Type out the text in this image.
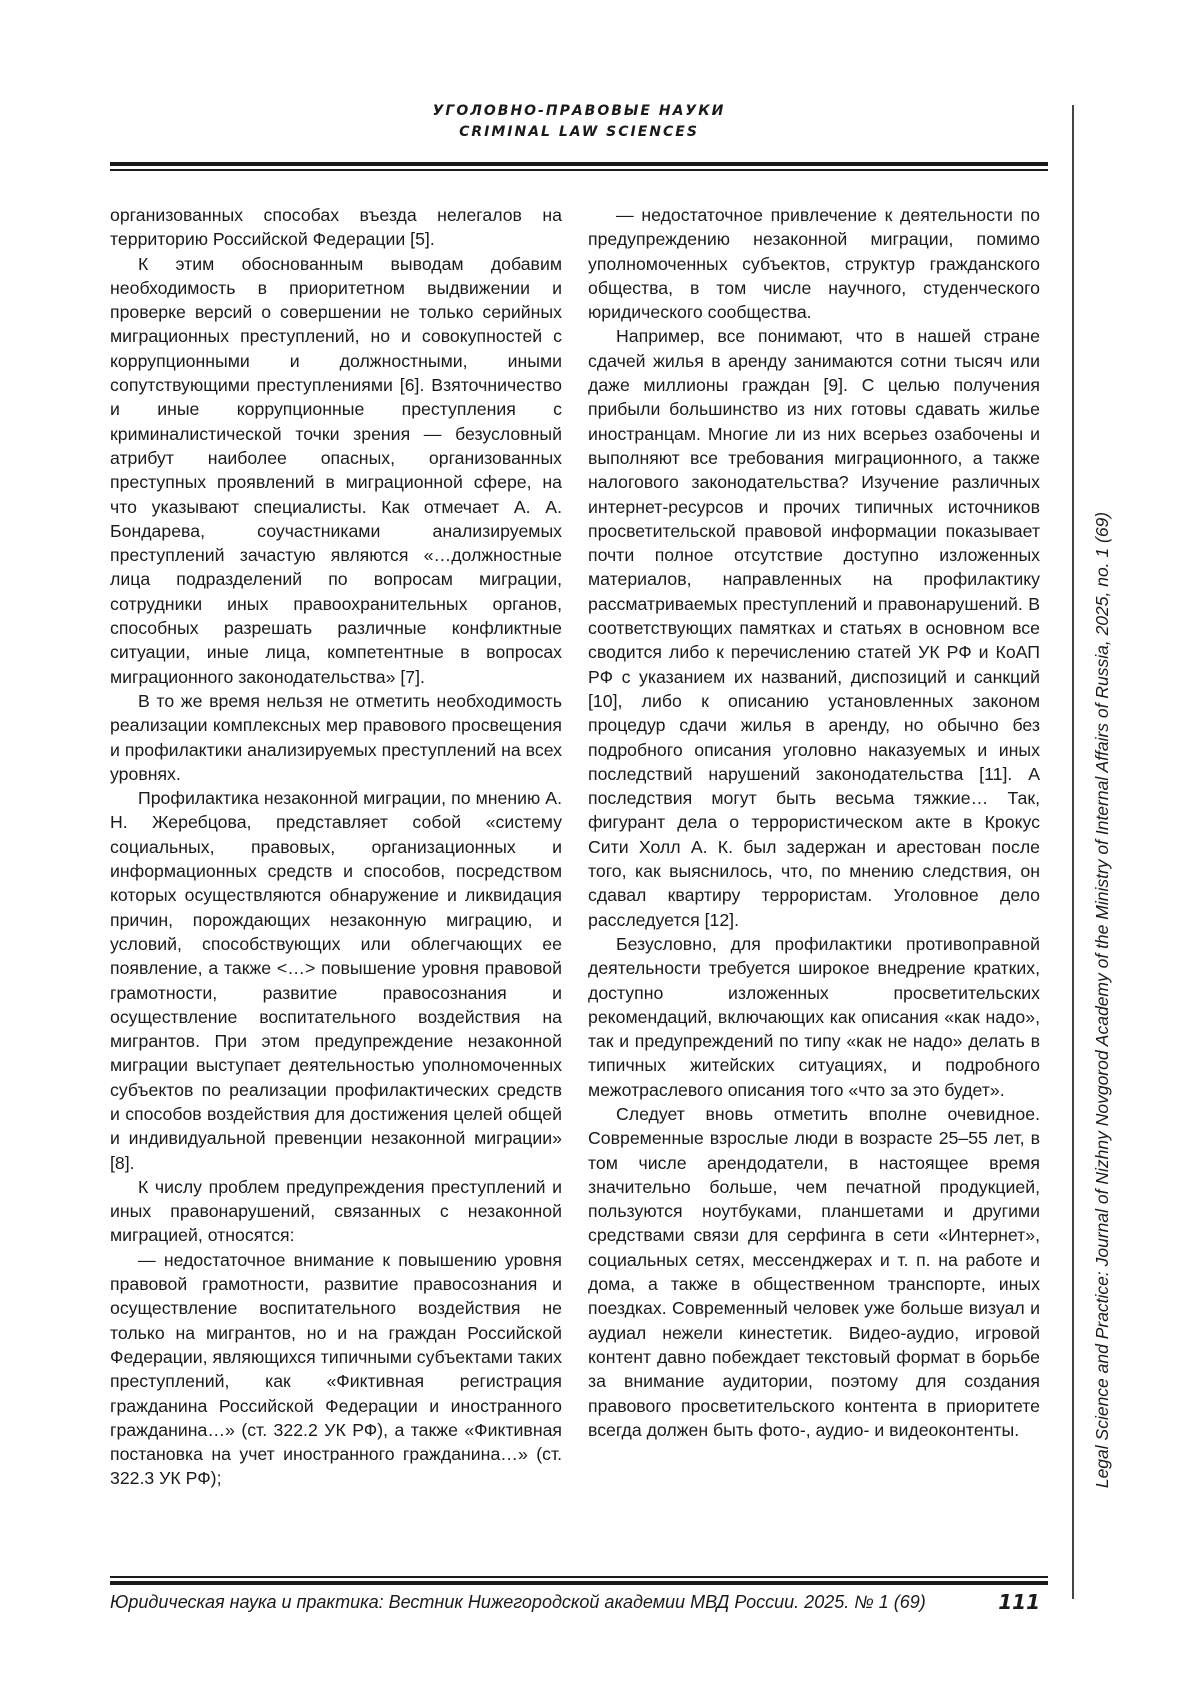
УГОЛОВНО-ПРАВОВЫЕ НАУКИ
CRIMINAL LAW SCIENCES
Legal Science and Practice: Journal of Nizhny Novgorod Academy of the Ministry of Internal Affairs of Russia, 2025, no. 1 (69)

организованных способах въезда нелегалов на территорию Российской Федерации [5].

К этим обоснованным выводам добавим необходимость в приоритетном выдвижении и проверке версий о совершении не только серийных миграционных преступлений, но и совокупностей с коррупционными и должностными, иными сопутствующими преступлениями [6]. Взяточничество и иные коррупционные преступления с криминалистической точки зрения — безусловный атрибут наиболее опасных, организованных преступных проявлений в миграционной сфере, на что указывают специалисты. Как отмечает А. А. Бондарева, соучастниками анализируемых преступлений зачастую являются «…должностные лица подразделений по вопросам миграции, сотрудники иных правоохранительных органов, способных разрешать различные конфликтные ситуации, иные лица, компетентные в вопросах миграционного законодательства» [7].

В то же время нельзя не отметить необходимость реализации комплексных мер правового просвещения и профилактики анализируемых преступлений на всех уровнях.

Профилактика незаконной миграции, по мнению А. Н. Жеребцова, представляет собой «систему социальных, правовых, организационных и информационных средств и способов, посредством которых осуществляются обнаружение и ликвидация причин, порождающих незаконную миграцию, и условий, способствующих или облегчающих ее появление, а также <…> повышение уровня правовой грамотности, развитие правосознания и осуществление воспитательного воздействия на мигрантов. При этом предупреждение незаконной миграции выступает деятельностью уполномоченных субъектов по реализации профилактических средств и способов воздействия для достижения целей общей и индивидуальной превенции незаконной миграции» [8].

К числу проблем предупреждения преступлений и иных правонарушений, связанных с незаконной миграцией, относятся:

— недостаточное внимание к повышению уровня правовой грамотности, развитие правосознания и осуществление воспитательного воздействия не только на мигрантов, но и на граждан Российской Федерации, являющихся типичными субъектами таких преступлений, как «Фиктивная регистрация гражданина Российской Федерации и иностранного гражданина…» (ст. 322.2 УК РФ), а также «Фиктивная постановка на учет иностранного гражданина…» (ст. 322.3 УК РФ);

— недостаточное привлечение к деятельности по предупреждению незаконной миграции, помимо уполномоченных субъектов, структур гражданского общества, в том числе научного, студенческого юридического сообщества.

Например, все понимают, что в нашей стране сдачей жилья в аренду занимаются сотни тысяч или даже миллионы граждан [9]. С целью получения прибыли большинство из них готовы сдавать жилье иностранцам. Многие ли из них всерьез озабочены и выполняют все требования миграционного, а также налогового законодательства? Изучение различных интернет-ресурсов и прочих типичных источников просветительской правовой информации показывает почти полное отсутствие доступно изложенных материалов, направленных на профилактику рассматриваемых преступлений и правонарушений. В соответствующих памятках и статьях в основном все сводится либо к перечислению статей УК РФ и КоАП РФ с указанием их названий, диспозиций и санкций [10], либо к описанию установленных законом процедур сдачи жилья в аренду, но обычно без подробного описания уголовно наказуемых и иных последствий нарушений законодательства [11]. А последствия могут быть весьма тяжкие… Так, фигурант дела о террористическом акте в Крокус Сити Холл А. К. был задержан и арестован после того, как выяснилось, что, по мнению следствия, он сдавал квартиру террористам. Уголовное дело расследуется [12].

Безусловно, для профилактики противоправной деятельности требуется широкое внедрение кратких, доступно изложенных просветительских рекомендаций, включающих как описания «как надо», так и предупреждений по типу «как не надо» делать в типичных житейских ситуациях, и подробного межотраслевого описания того «что за это будет».

Следует вновь отметить вполне очевидное. Современные взрослые люди в возрасте 25–55 лет, в том числе арендодатели, в настоящее время значительно больше, чем печатной продукцией, пользуются ноутбуками, планшетами и другими средствами связи для серфинга в сети «Интернет», социальных сетях, мессенджерах и т. п. на работе и дома, а также в общественном транспорте, иных поездках. Современный человек уже больше визуал и аудиал нежели кинестетик. Видео-аудио, игровой контент давно побеждает текстовый формат в борьбе за внимание аудитории, поэтому для создания правового просветительского контента в приоритете всегда должен быть фото-, аудио- и видеоконтенты.

Юридическая наука и практика: Вестник Нижегородской академии МВД России. 2025. № 1 (69)	111
